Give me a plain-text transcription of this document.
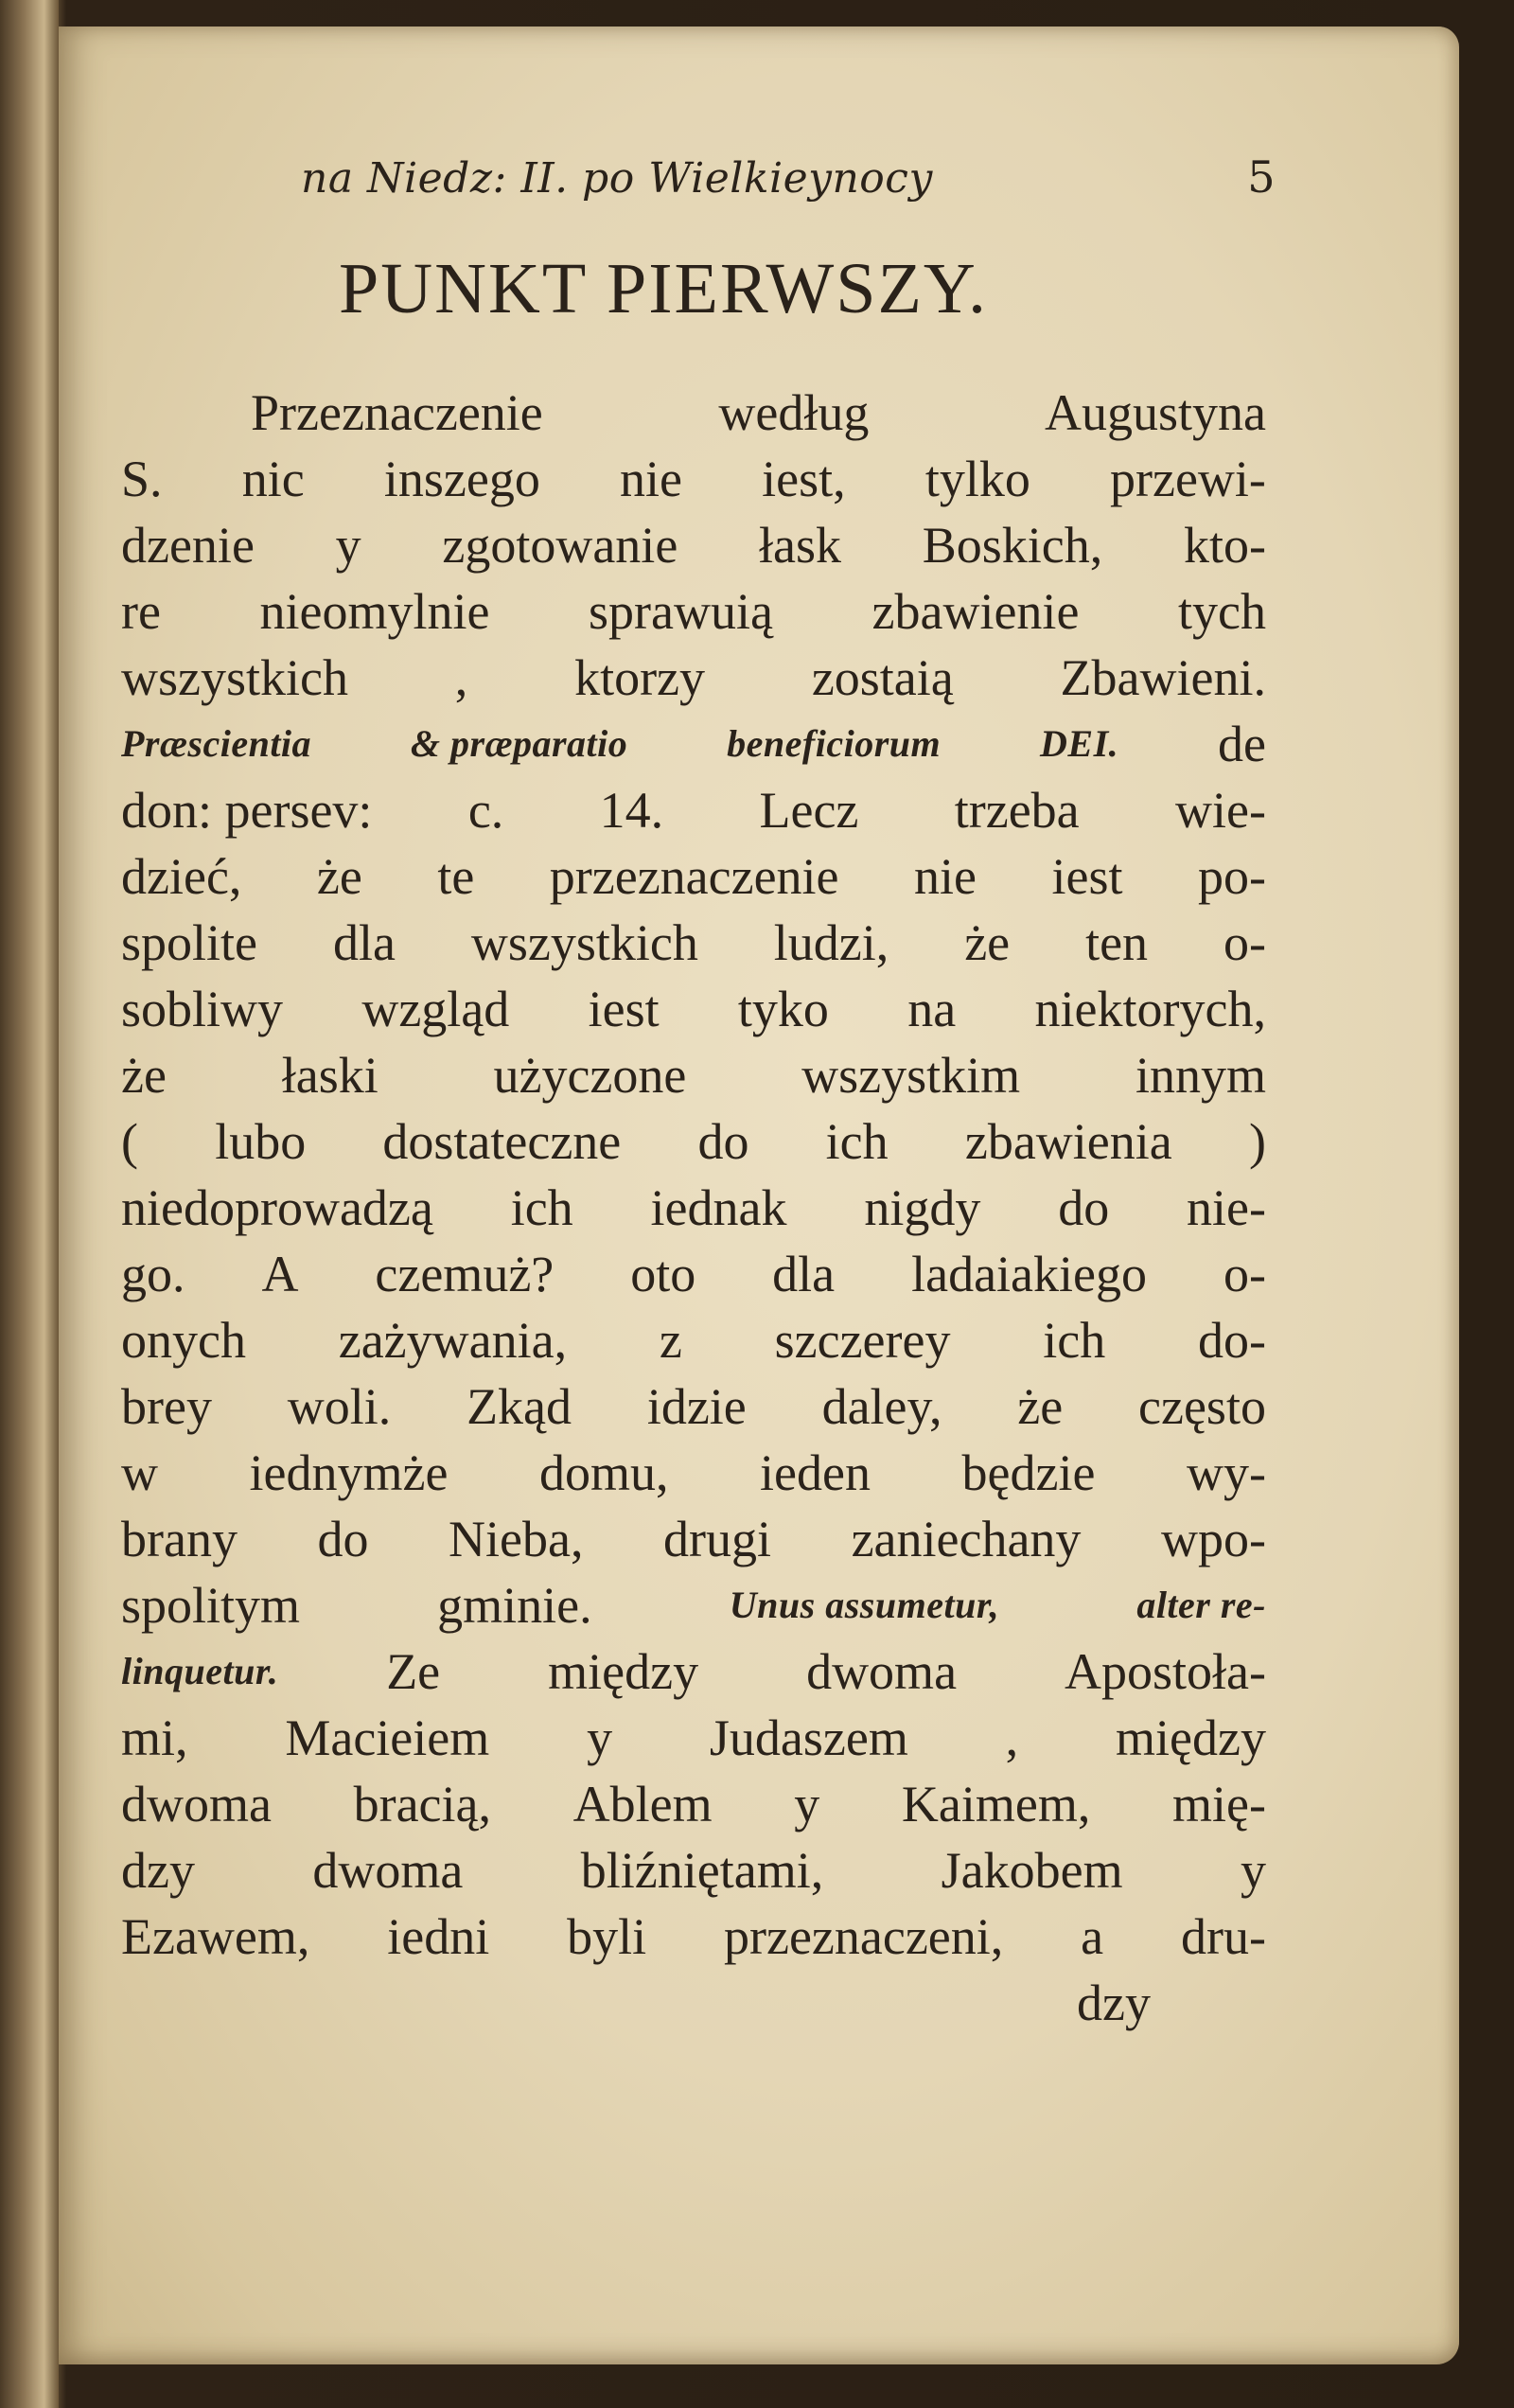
na Niedz: II. po Wielkieynocy	5
PUNKT PIERWSZY.
Przeznaczenie	według	Augustyna
S. nic inszego nie iest, tylko przewi-
dzenie y zgotowanie łask Boskich, kto-
re nieomylnie sprawuią zbawienie tych
wszystkich , ktorzy zostaią Zbawieni.
Præscientia	& præparatio	beneficiorum	DEI. de
don: persev: c. 14. Lecz trzeba wie-
dzieć, że te przeznaczenie nie iest po-
spolite dla wszystkich ludzi, że ten o-
sobliwy wzgląd iest tyko na niektorych,
że łaski użyczone wszystkim innym
( lubo dostateczne do ich zbawienia )
niedoprowadzą ich iednak nigdy do nie-
go. A czemuż? oto dla ladaiakiego o-
onych zażywania, z szczerey ich do-
brey woli. Zkąd idzie daley, że często
w iednymże domu, ieden będzie wy-
brany do Nieba, drugi zaniechany wpo-
spolitym	gminie.	Unus assumetur,	alter re-
linquetur. Ze między dwoma Apostoła-
mi, Macieiem y Judaszem , między
dwoma bracią, Ablem y Kaimem, mię-
dzy dwoma bliźniętami, Jakobem y
Ezawem, iedni byli przeznaczeni, a dru-
dzy
